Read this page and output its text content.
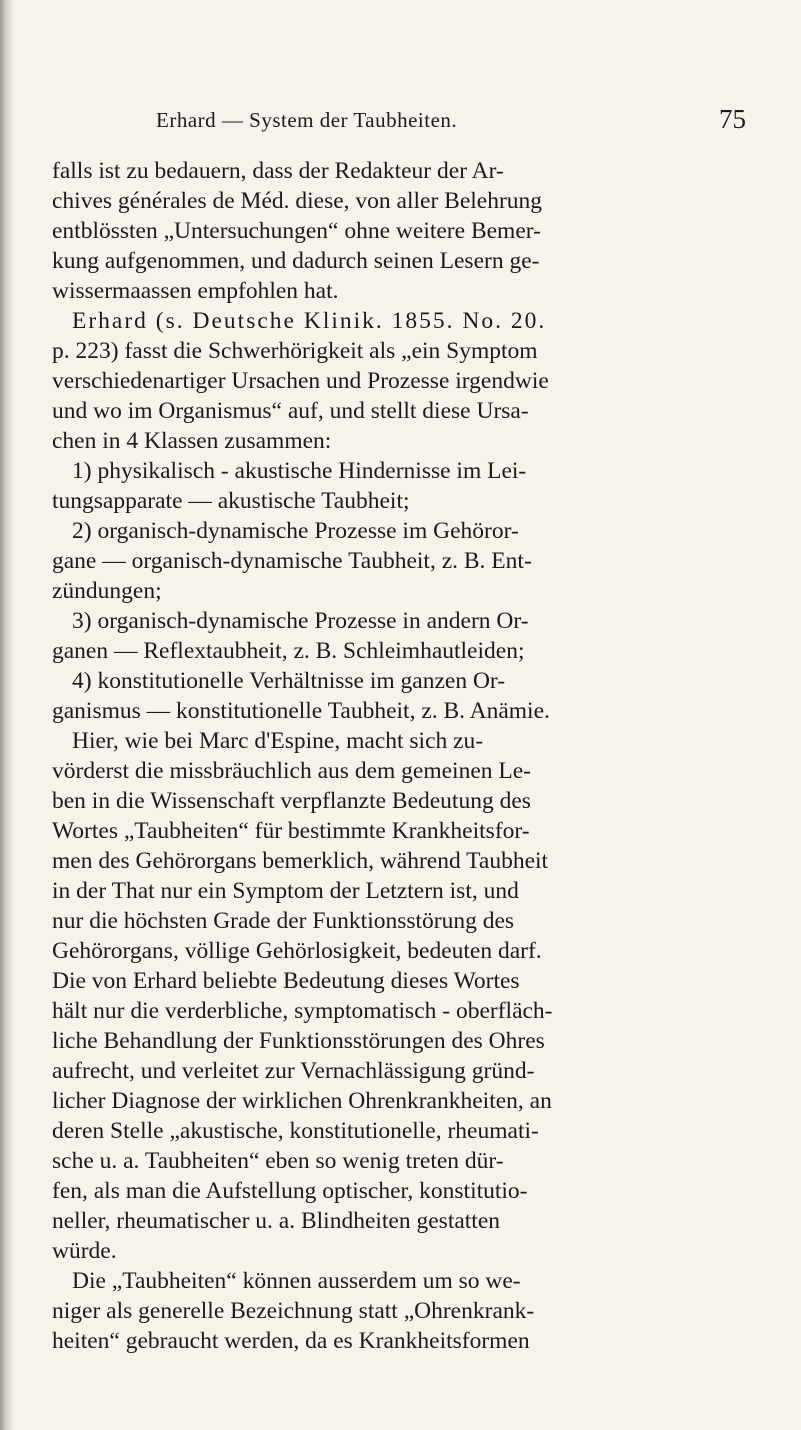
Erhard — System der Taubheiten.	75
falls ist zu bedauern, dass der Redakteur der Ar-
chives générales de Méd. diese, von aller Belehrung
entblössten „Untersuchungen“ ohne weitere Bemer-
kung aufgenommen, und dadurch seinen Lesern ge-
wissermaassen empfohlen hat.
Erhard (s. Deutsche Klinik. 1855. No. 20.
p. 223) fasst die Schwerhörigkeit als „ein Symptom
verschiedenartiger Ursachen und Prozesse irgendwie
und wo im Organismus“ auf, und stellt diese Ursa-
chen in 4 Klassen zusammen:
1) physikalisch - akustische Hindernisse im Lei-
tungsapparate — akustische Taubheit;
2) organisch-dynamische Prozesse im Gehöror-
gane — organisch-dynamische Taubheit, z. B. Ent-
zündungen;
3) organisch-dynamische Prozesse in andern Or-
ganen — Reflextaubheit, z. B. Schleimhautleiden;
4) konstitutionelle Verhältnisse im ganzen Or-
ganismus — konstitutionelle Taubheit, z. B. Anämie.
Hier, wie bei Marc d'Espine, macht sich zu-
vörderst die missbräuchlich aus dem gemeinen Le-
ben in die Wissenschaft verpflanzte Bedeutung des
Wortes „Taubheiten“ für bestimmte Krankheitsfor-
men des Gehörorgans bemerklich, während Taubheit
in der That nur ein Symptom der Letztern ist, und
nur die höchsten Grade der Funktionsstörung des
Gehörorgans, völlige Gehörlosigkeit, bedeuten darf.
Die von Erhard beliebte Bedeutung dieses Wortes
hält nur die verderbliche, symptomatisch - oberfläch-
liche Behandlung der Funktionsstörungen des Ohres
aufrecht, und verleitet zur Vernachlässigung gründ-
licher Diagnose der wirklichen Ohrenkrankheiten, an
deren Stelle „akustische, konstitutionelle, rheumati-
sche u. a. Taubheiten“ eben so wenig treten dür-
fen, als man die Aufstellung optischer, konstitutio-
neller, rheumatischer u. a. Blindheiten gestatten
würde.
Die „Taubheiten“ können ausserdem um so we-
niger als generelle Bezeichnung statt „Ohrenkrank-
heiten“ gebraucht werden, da es Krankheitsformen
